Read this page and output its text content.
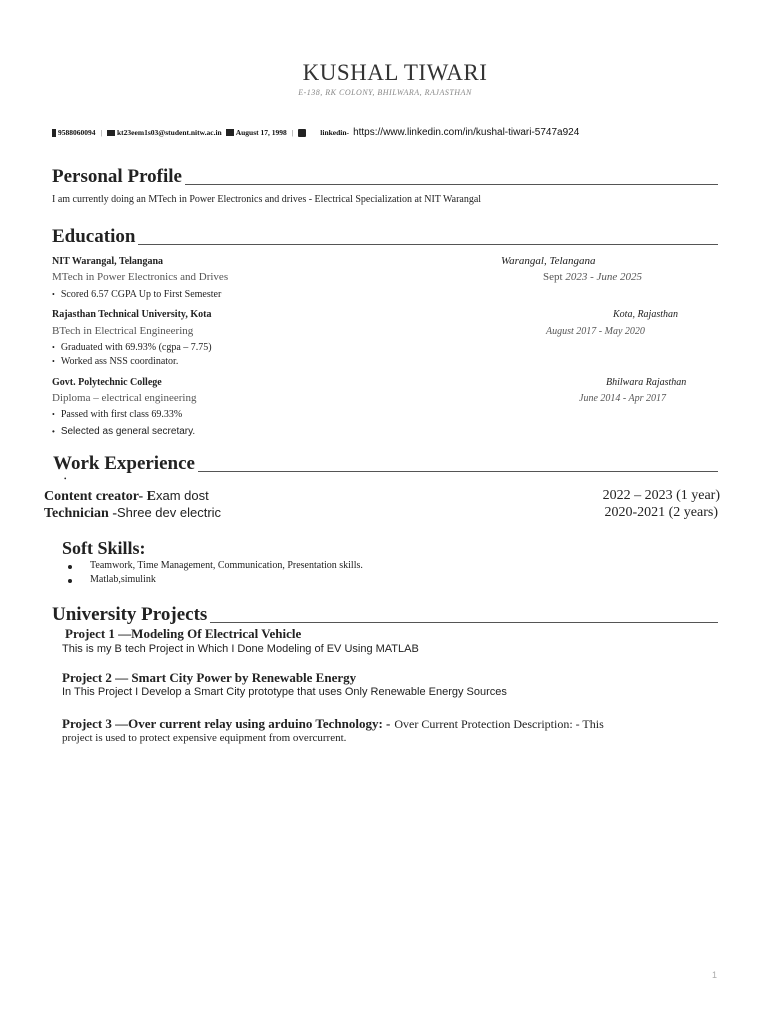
KUSHAL TIWARI
E-138, RK COLONY, BHILWARA, RAJASTHAN
9588060094 | kt23eem1s03@student.nitw.ac.in August 17, 1998 |	linkedin- https://www.linkedin.com/in/kushal-tiwari-5747a924
Personal Profile
I am currently doing an MTech in Power Electronics and drives - Electrical Specialization at NIT Warangal
Education
NIT Warangal, Telangana	Warangal, Telangana
MTech in Power Electronics and Drives	Sept 2023 - June 2025
• Scored 6.57 CGPA Up to First Semester
Rajasthan Technical University, Kota	Kota, Rajasthan
BTech in Electrical Engineering	August 2017 - May 2020
• Graduated with 69.93% (cgpa – 7.75)
• Worked ass NSS coordinator.
Govt. Polytechnic College	Bhilwara Rajasthan
Diploma – electrical engineering	June 2014 - Apr 2017
• Passed with first class 69.33%
• Selected as general secretary.
Work Experience
•
Content creator- Exam dost	2022 – 2023 (1 year)
Technician -Shree dev electric	2020-2021 (2 years)
Soft Skills:
Teamwork, Time Management, Communication, Presentation skills.
Matlab,simulink
University Projects
Project 1 —Modeling Of Electrical Vehicle
This is my B tech Project in Which I Done Modeling of EV Using MATLAB
Project 2 — Smart City Power by Renewable Energy
In This Project I Develop a Smart City prototype that uses Only Renewable Energy Sources
Project 3 —Over current relay using arduino Technology: - Over Current Protection Description: - This
project is used to protect expensive equipment from overcurrent.
1
